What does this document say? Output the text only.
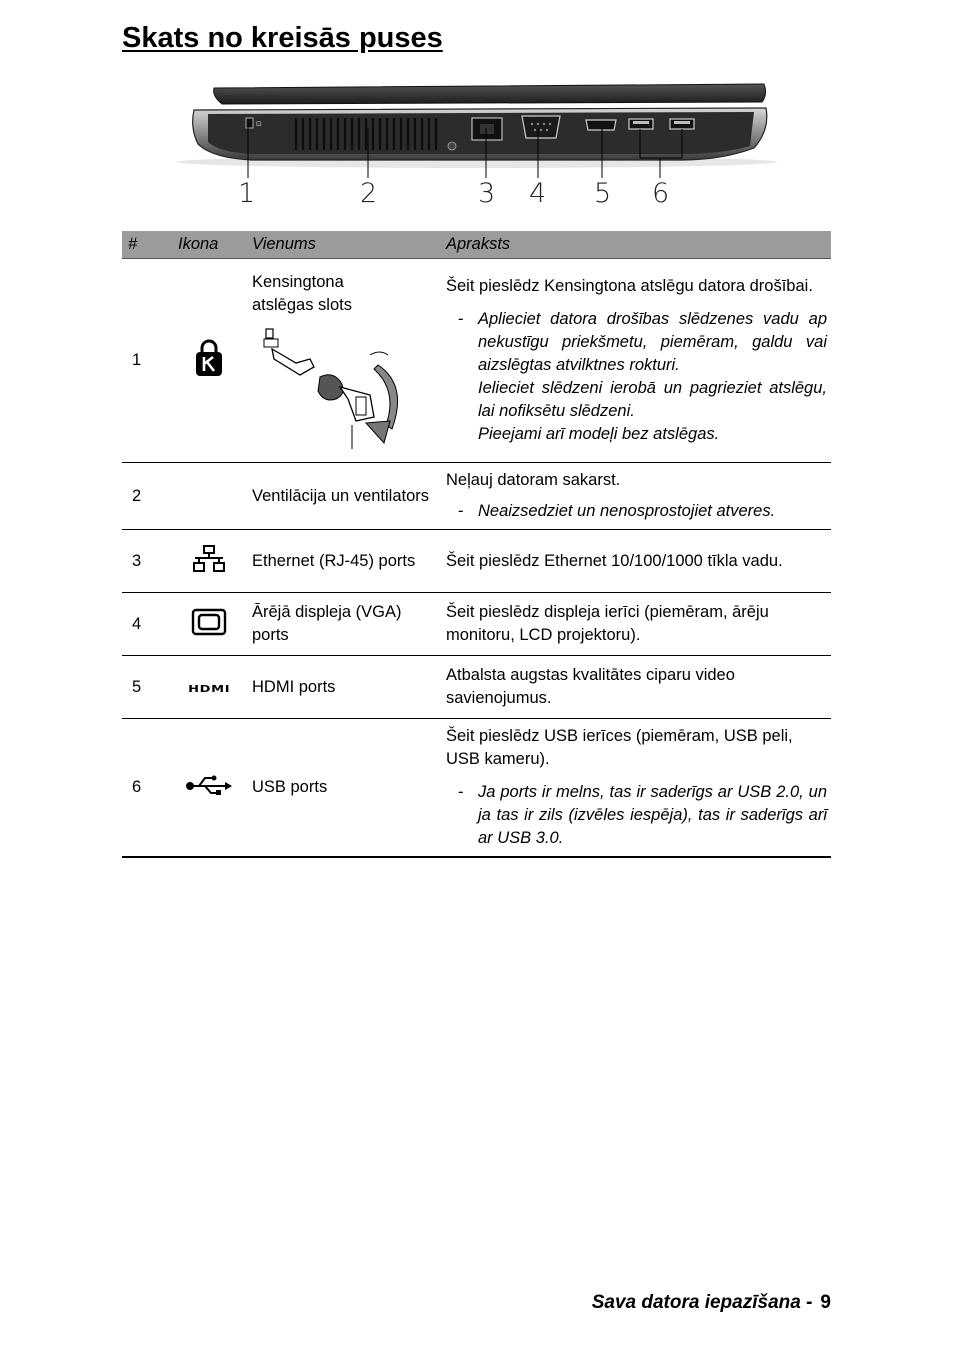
Skats no kreisās puses
⊡
1	2	3 4 5 6
#	Ikona	Vienums	Apraksts
1		Kensingtona atslēgas slots	Šeit pieslēdz Kensingtona atslēgu datora drošībai.
- Aplieciet datora drošības slēdzenes vadu ap nekustīgu priekšmetu, piemēram, galdu vai aizslēgtas atvilktnes rokturi.
Ielieciet slēdzeni ierobā un pagrieziet atslēgu, lai nofiksētu slēdzeni.
Pieejami arī modeļi bez atslēgas.

2		Ventilācija un ventilators	Neļauj datoram sakarst.
- Neaizsedziet un nenosprostojiet atveres.

3		Ethernet (RJ-45) ports	Šeit pieslēdz Ethernet 10/100/1000 tīkla vadu.
4		Ārējā displeja (VGA) ports	Šeit pieslēdz displeja ierīci (piemēram, ārēju monitoru, LCD projektoru).
5	HDMI	HDMI ports	Atbalsta augstas kvalitātes ciparu video savienojumus.
6		USB ports	Šeit pieslēdz USB ierīces (piemēram, USB peli, USB kameru).
- Ja ports ir melns, tas ir saderīgs ar USB 2.0, un ja tas ir zils (izvēles iespēja), tas ir saderīgs arī ar USB 3.0.
Sava datora iepazīšana - 9
